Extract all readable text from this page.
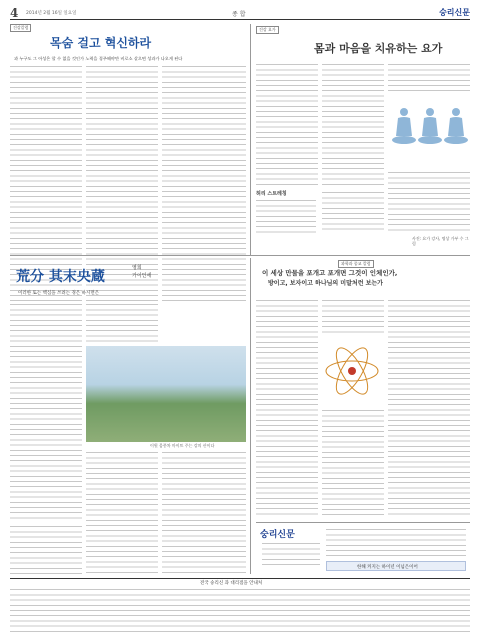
4 2014년 2월 16일 일요일	종 합	숭리신문
건강칼럼
목숨 걸고 혁신하라
과 누구도 그 아성은 할 수 없을 것인가 노력을 경주해야만 비로소 살으면 성과가 나오게 된다
건강 요가
몸과 마음을 치유하는 요가
허리 스트레칭
사진: 요가 강사, 명상 가부 수 그림
荒分 其末央蔵
영희
가이인세
이러한 또는 핵심을 쓰려는 경은 하시면은
이원 몸풍차 마이트 주는 강의 산이다
과학과 종교 칼럼
이 세상 만물을 포개고 포개면 그것이 인체인가,
방이고, 보자이고 하나님의 미말처런 보는가
숭리신문
한해 커지는 하이년 이넘은이어
전국 숭리신 과 대리점을 안내처
